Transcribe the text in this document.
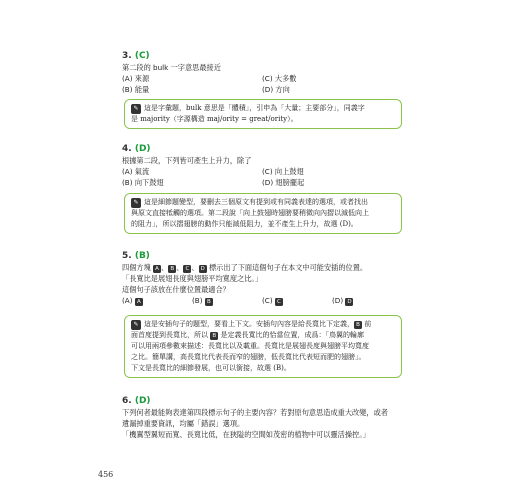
3. (C)
第二段的 bulk 一字意思最接近
(A) 來源	(C) 大多數
(B) 能量	(D) 方向

✎ 這是字彙題，bulk 意思是「體積」，引申為「大量；主要部分」，同義字

是 majority（字源構造 maj/ority = great/ority）。

4. (D)
根據第二段，下列皆可產生上升力，除了
(A) 氣流	(C) 向上鼓翅
(B) 向下鼓翅	(D) 翅膀擺起

✎ 這是細節題變型，要刪去三個原文有提到或有同義表達的選項，或者找出

與原文直接牴觸的選項。第二段說「向上鼓翅時翅膀要稍微向內摺以減低向上

的阻力」，所以摺翅膀的動作只能減低阻力，並不產生上升力，故選 (D)。

5. (B)
四個方塊 A 、 B 、 C 、 D 標示出了下面這個句子在本文中可能安插的位置。
「長寬比是展翅長度與翅膀平均寬度之比。」
這個句子該放在什麼位置最適合？
(A) A	(B) B	(C) C	(D) D

✎ 這是安插句子的題型，要看上下文。安插句內容是給長寬比下定義， B 前

面首度提到長寬比，所以 B 是定義長寬比的恰當位置，成爲：「鳥翼的輪廓

可以用兩項參數來描述：長寬比以及載重。長寬比是展翅長度與翅膀平均寬度

之比。簡單講，高長寬比代表長而窄的翅膀，低長寬比代表短而肥的翅膀」。

下文是長寬比的細節發展，也可以銜接，故選 (B)。

6. (D)
下列何者最能夠表達第四段標示句子的主要內容？若對原句意思造成重大改變，或者
遺漏掉重要資訊，均屬「錯誤」選項。
「機翼型翼短而寬、長寬比低，在狹隘的空間如茂密的植物中可以靈活操控。」
456
